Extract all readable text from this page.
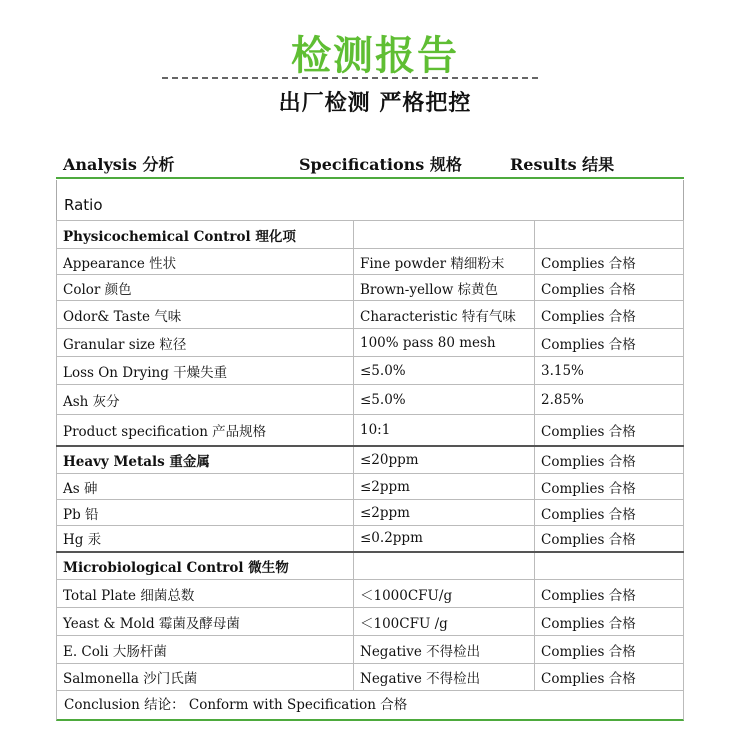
检测报告
出厂检测 严格把控
Analysis 分析	Specifications 规格	Results 结果
Ratio
Physicochemical Control 理化项		
Appearance 性状	Fine powder 精细粉末	Complies 合格
Color 颜色	Brown-yellow 棕黄色	Complies 合格
Odor& Taste 气味	Characteristic 特有气味	Complies 合格
Granular size 粒径	100% pass 80 mesh	Complies 合格
Loss On Drying 干燥失重	≤5.0%	3.15%
Ash 灰分	≤5.0%	2.85%
Product specification 产品规格	10:1	Complies 合格
Heavy Metals 重金属	≤20ppm	Complies 合格
As 砷	≤2ppm	Complies 合格
Pb 铅	≤2ppm	Complies 合格
Hg 汞	≤0.2ppm	Complies 合格
Microbiological Control 微生物		
Total Plate 细菌总数	＜1000CFU/g	Complies 合格
Yeast & Mold 霉菌及酵母菌	＜100CFU /g	Complies 合格
E. Coli 大肠杆菌	Negative 不得检出	Complies 合格
Salmonella 沙门氏菌	Negative 不得检出	Complies 合格
Conclusion 结论： Conform with Specification 合格
